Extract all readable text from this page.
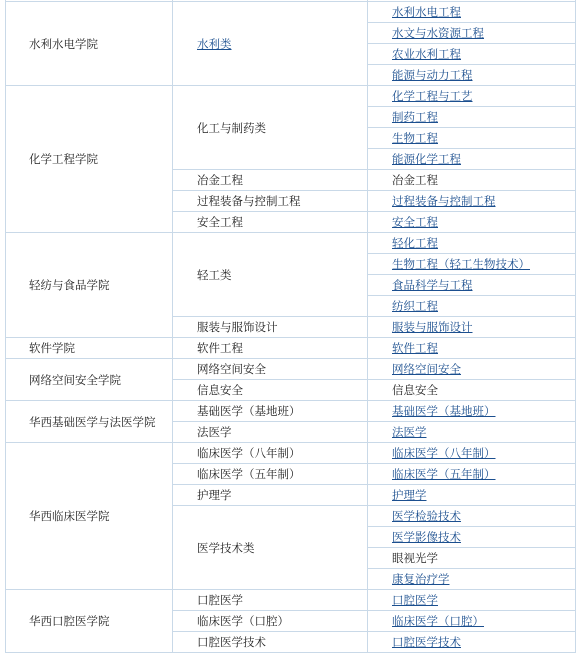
水利水电学院	水利类	水利水电工程
		水文与水资源工程
		农业水利工程
		能源与动力工程
化学工程学院	化工与制药类	化学工程与工艺
		制药工程
		生物工程
		能源化学工程
	冶金工程	冶金工程
	过程装备与控制工程	过程装备与控制工程
	安全工程	安全工程
轻纺与食品学院	轻工类	轻化工程
		生物工程（轻工生物技术）
		食品科学与工程
		纺织工程
	服装与服饰设计	服装与服饰设计
软件学院	软件工程	软件工程
网络空间安全学院	网络空间安全	网络空间安全
	信息安全	信息安全
华西基础医学与法医学院	基础医学（基地班）	基础医学（基地班）
	法医学	法医学
华西临床医学院	临床医学（八年制）	临床医学（八年制）
	临床医学（五年制）	临床医学（五年制）
	护理学	护理学
	医学技术类	医学检验技术
		医学影像技术
		眼视光学
		康复治疗学
华西口腔医学院	口腔医学	口腔医学
	临床医学（口腔）	临床医学（口腔）
	口腔医学技术	口腔医学技术
